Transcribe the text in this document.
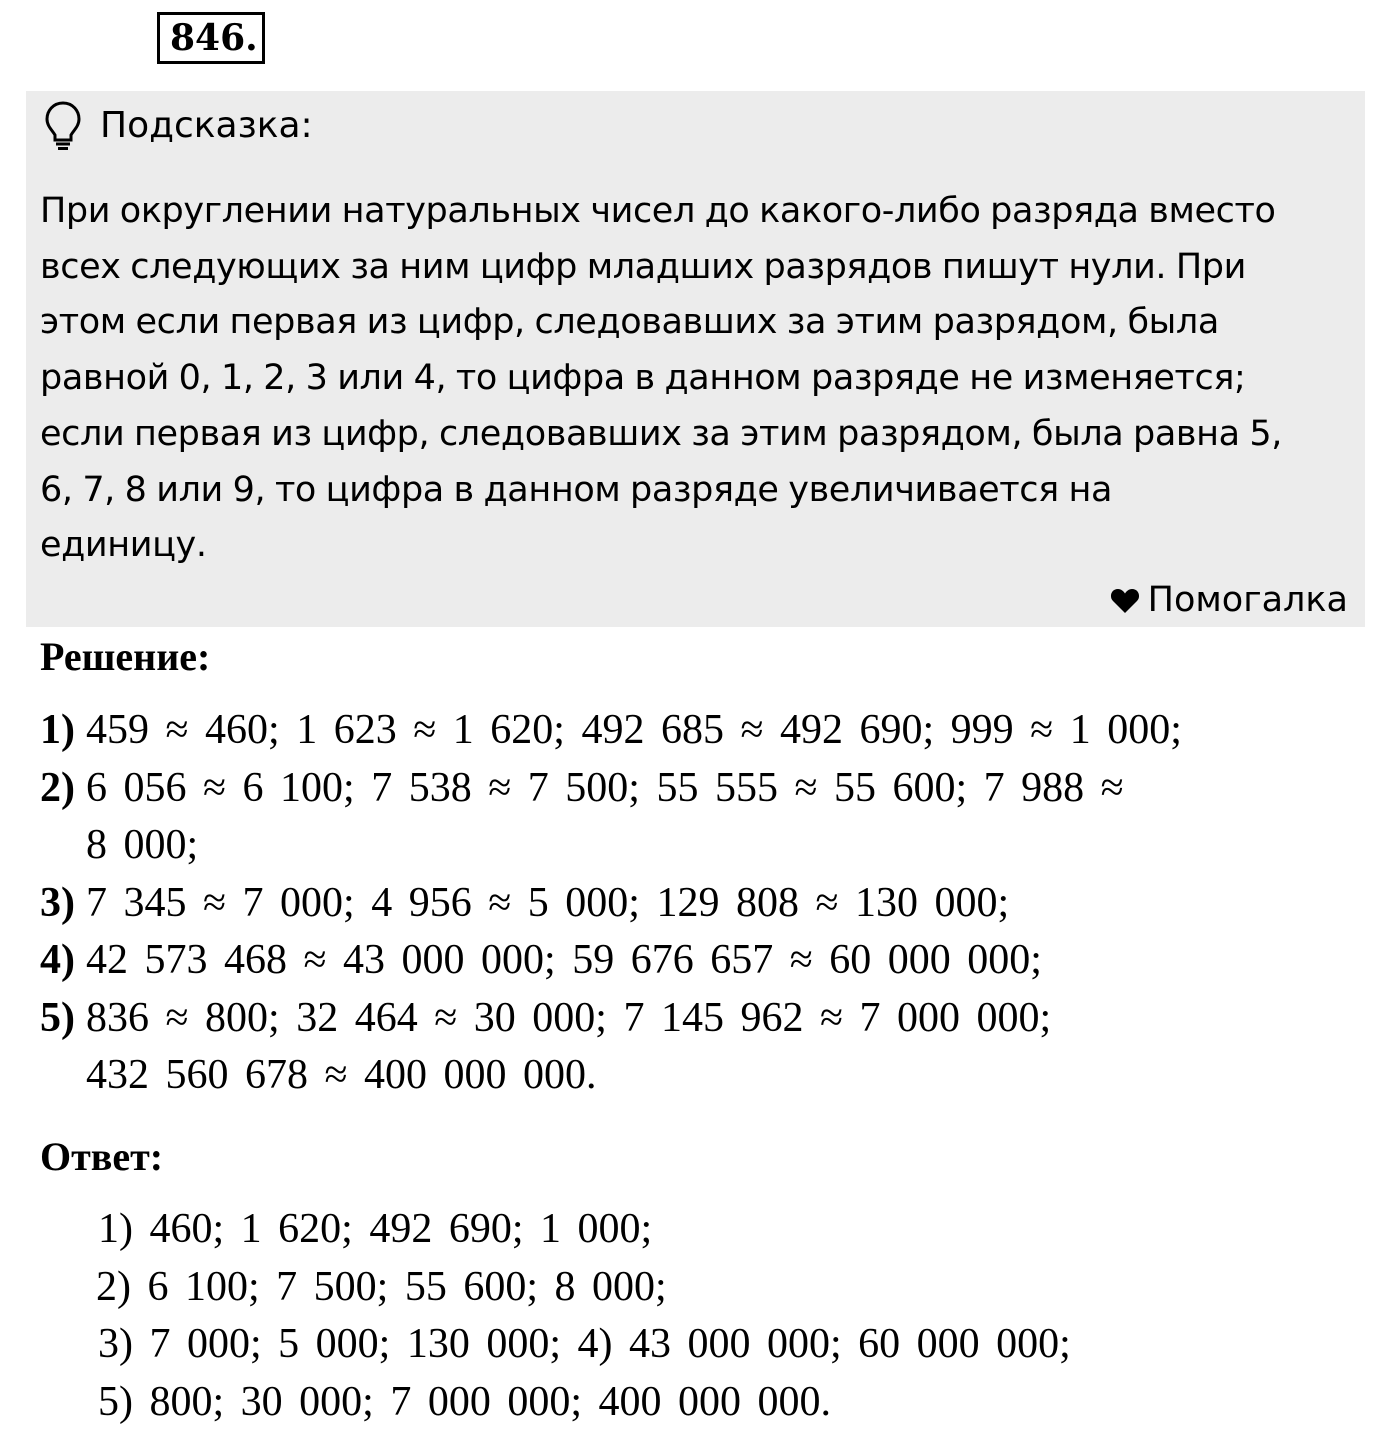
846.
Подсказка:
При округлении натуральных чисел до какого-либо разряда вместо
всех следующих за ним цифр младших разрядов пишут нули. При
этом если первая из цифр, следовавших за этим разрядом, была
равной 0, 1, 2, 3 или 4, то цифра в данном разряде не изменяется;
если первая из цифр, следовавших за этим разрядом, была равна 5,
6, 7, 8 или 9, то цифра в данном разряде увеличивается на
единицу.
Помогалка
Решение:
1) 459 ≈ 460; 1 623 ≈ 1 620; 492 685 ≈ 492 690; 999 ≈ 1 000;
2) 6 056 ≈ 6 100; 7 538 ≈ 7 500; 55 555 ≈ 55 600; 7 988 ≈
8 000;
3) 7 345 ≈ 7 000; 4 956 ≈ 5 000; 129 808 ≈ 130 000;
4) 42 573 468 ≈ 43 000 000; 59 676 657 ≈ 60 000 000;
5) 836 ≈ 800; 32 464 ≈ 30 000; 7 145 962 ≈ 7 000 000;
432 560 678 ≈ 400 000 000.
Ответ:
1) 460; 1 620; 492 690; 1 000;
2) 6 100; 7 500; 55 600; 8 000;
3) 7 000; 5 000; 130 000; 4) 43 000 000; 60 000 000;
5) 800; 30 000; 7 000 000; 400 000 000.
